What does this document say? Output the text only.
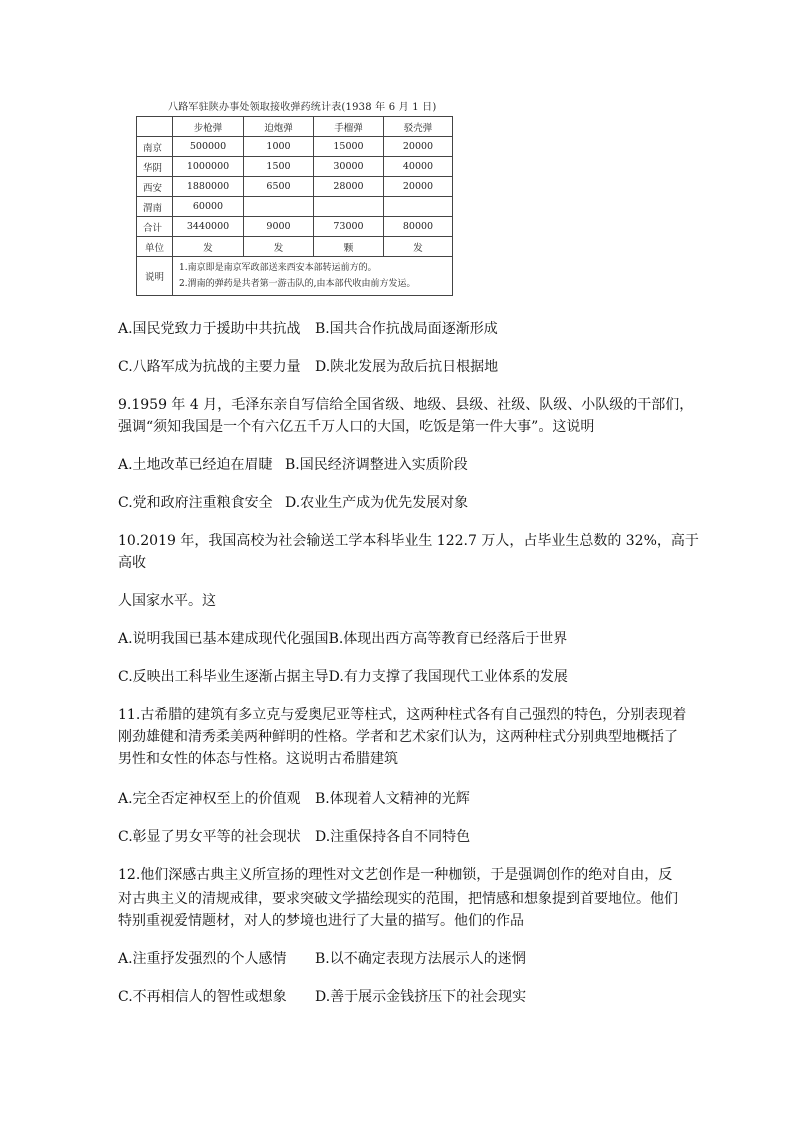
八路军驻陕办事处领取接收弹药统计表(1938 年 6 月 1 日)
	步枪弹	迫炮弹	手榴弹	驳壳弹
南京	500000	1000	15000	20000
华阴	1000000	1500	30000	40000
西安	1880000	6500	28000	20000
渭南	60000			
合计	3440000	9000	73000	80000
单位	发	发	颗	发
说明	1.南京即是南京军政部送来西安本部转运前方的。
2.渭南的弹药是共者第一游击队的,由本部代收由前方发运。			
A.国民党致力于援助中共抗战 B.国共合作抗战局面逐渐形成
C.八路军成为抗战的主要力量 D.陕北发展为敌后抗日根据地
9.1959 年 4 月，毛泽东亲自写信给全国省级、地级、县级、社级、队级、小队级的干部们，
强调“须知我国是一个有六亿五千万人口的大国，吃饭是第一件大事”。这说明
A.土地改革已经迫在眉睫 B.国民经济调整进入实质阶段
C.党和政府注重粮食安全 D.农业生产成为优先发展对象
10.2019 年，我国高校为社会输送工学本科毕业生 122.7 万人，占毕业生总数的 32%，高于
高收
人国家水平。这
A.说明我国已基本建成现代化强国B.体现出西方高等教育已经落后于世界
C.反映出工科毕业生逐渐占据主导D.有力支撑了我国现代工业体系的发展
11.古希腊的建筑有多立克与爱奥尼亚等柱式，这两种柱式各有自己强烈的特色，分别表现着
刚劲雄健和清秀柔美两种鲜明的性格。学者和艺术家们认为，这两种柱式分别典型地概括了
男性和女性的体态与性格。这说明古希腊建筑
A.完全否定神权至上的价值观 B.体现着人文精神的光辉
C.彰显了男女平等的社会现状 D.注重保持各自不同特色
12.他们深感古典主义所宣扬的理性对文艺创作是一种枷锁，于是强调创作的绝对自由，反
对古典主义的清规戒律，要求突破文学描绘现实的范围，把情感和想象提到首要地位。他们
特别重视爱情题材，对人的梦境也进行了大量的描写。他们的作品
A.注重抒发强烈的个人感情 B.以不确定表现方法展示人的迷惘
C.不再相信人的智性或想象 D.善于展示金钱挤压下的社会现实
